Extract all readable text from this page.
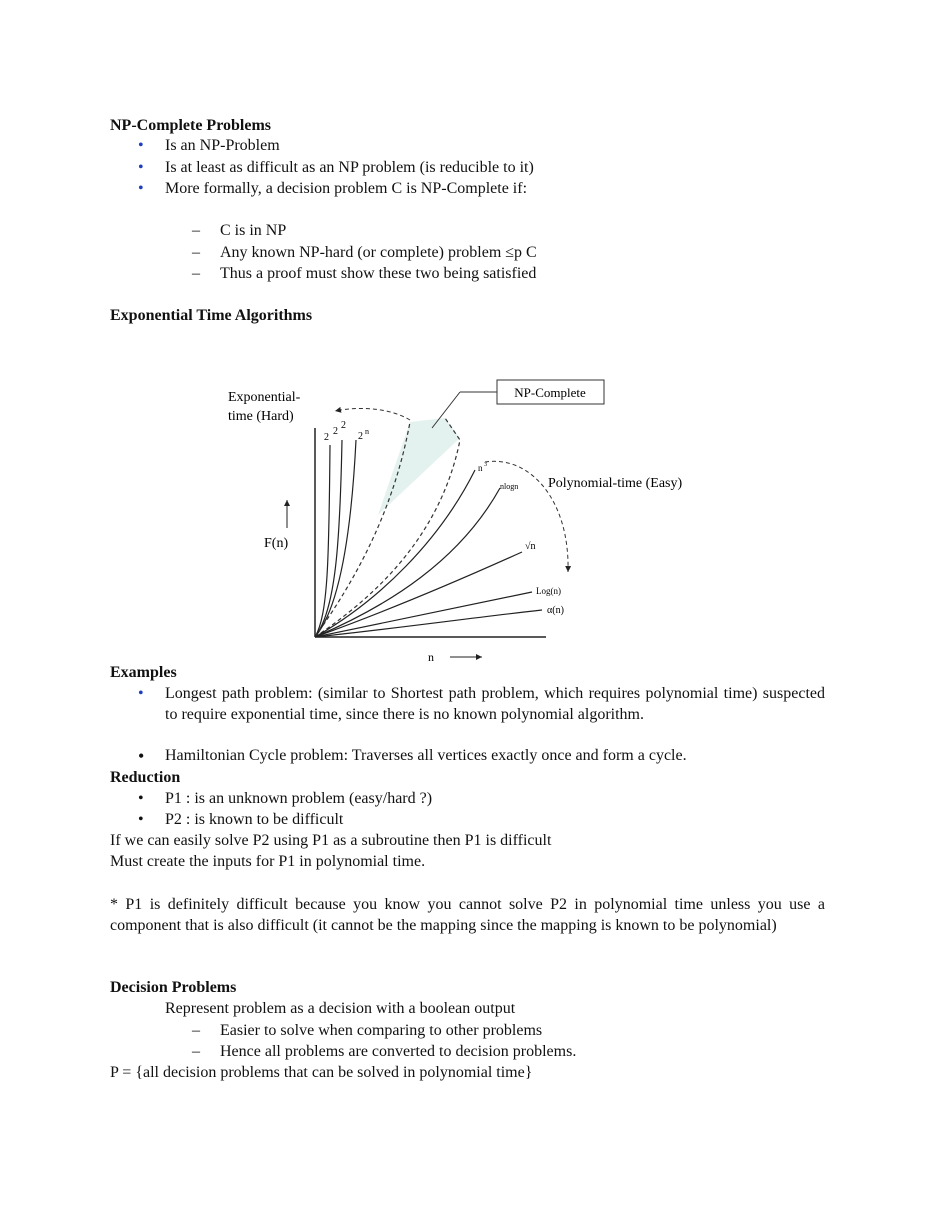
NP-Complete Problems
• Is an NP-Problem
• Is at least as difficult as an NP problem (is reducible to it)
• More formally, a decision problem C is NP-Complete if:
– C is in NP
– Any known NP-hard (or complete) problem ≤p C
– Thus a proof must show these two being satisfied
Exponential Time Algorithms
NP-Complete
Exponential-
time (Hard)
Polynomial-time (Easy)
F(n)
n
2
2
2
2 n
n 3
nlogn
√n
Log(n)
α(n)
Examples
• Longest path problem: (similar to Shortest path problem, which requires polynomial time) suspected to require exponential time, since there is no known polynomial algorithm.
• Hamiltonian Cycle problem: Traverses all vertices exactly once and form a cycle.
Reduction
• P1 : is an unknown problem (easy/hard ?)
• P2 : is known to be difficult
If we can easily solve P2 using P1 as a subroutine then P1 is difficult
Must create the inputs for P1 in polynomial time.
* P1 is definitely difficult because you know you cannot solve P2 in polynomial time unless you use a component that is also difficult (it cannot be the mapping since the mapping is known to be polynomial)
Decision Problems
Represent problem as a decision with a boolean output
– Easier to solve when comparing to other problems
– Hence all problems are converted to decision problems.
P = {all decision problems that can be solved in polynomial time}
